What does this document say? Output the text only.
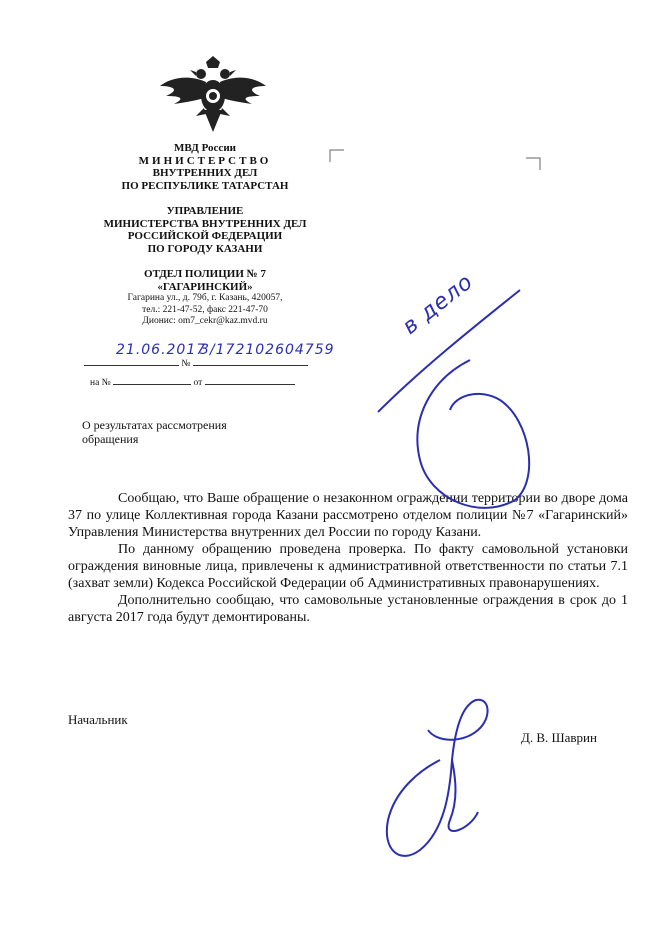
МВД России
МИНИСТЕРСТВО
ВНУТРЕННИХ ДЕЛ
ПО РЕСПУБЛИКЕ ТАТАРСТАН
УПРАВЛЕНИЕ
МИНИСТЕРСТВА ВНУТРЕННИХ ДЕЛ
РОССИЙСКОЙ ФЕДЕРАЦИИ
ПО ГОРОДУ КАЗАНИ
ОТДЕЛ ПОЛИЦИИ № 7
«ГАГАРИНСКИЙ»
Гагарина ул., д. 79б, г. Казань, 420057,
тел.: 221-47-52, факс 221-47-70
Дионис: om7_cekr@kaz.mvd.ru
21.06.2017
№
3/172102604759
на №	от
О результатах рассмотрения
обращения
в дело

Сообщаю, что Ваше обращение о незаконном ограждении территории во дворе дома 37 по улице Коллективная города Казани рассмотрено отделом полиции №7 «Гагаринский» Управления Министерства внутренних дел России по городу Казани.

По данному обращению проведена проверка. По факту самовольной установки ограждения виновные лица, привлечены к административной ответственности по статьи 7.1 (захват земли) Кодекса Российской Федерации об Административных правонарушениях.

Дополнительно сообщаю, что самовольные установленные ограждения в срок до 1 августа 2017 года будут демонтированы.

Начальник
Д. В. Шаврин
